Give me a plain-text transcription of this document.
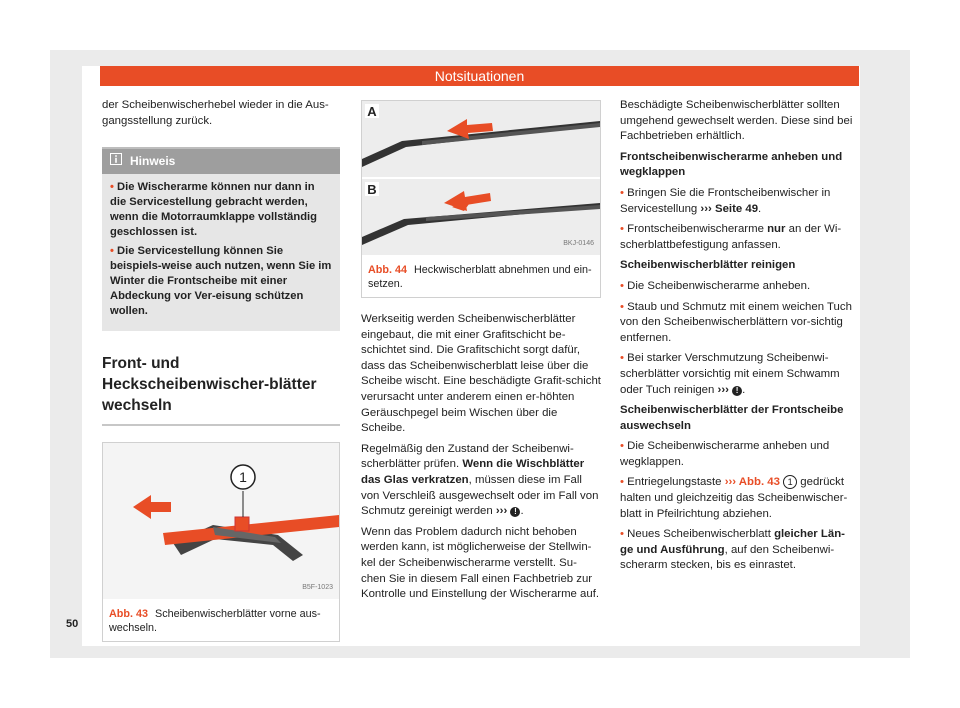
Notsituationen

der Scheibenwischerhebel wieder in die Aus-gangsstellung zurück.

Hinweis

• Die Wischerarme können nur dann in die Servicestellung gebracht werden, wenn die Motorraumklappe vollständig geschlossen ist.

• Die Servicestellung können Sie beispiels-weise auch nutzen, wenn Sie im Winter die Frontscheibe mit einer Abdeckung vor Ver-eisung schützen wollen.

Front- und Heckscheibenwischer-blätter wechseln
1
B5F-1023
Abb. 43 Scheibenwischerblätter vorne aus-wechseln.
A
B
BKJ-0146
Abb. 44 Heckwischerblatt abnehmen und ein-setzen.

Werkseitig werden Scheibenwischerblätter eingebaut, die mit einer Grafitschicht be-schichtet sind. Die Grafitschicht sorgt dafür, dass das Scheibenwischerblatt leise über die Scheibe wischt. Eine beschädigte Grafit-schicht verursacht unter anderem einen er-höhten Geräuschpegel beim Wischen über die Scheibe.

Regelmäßig den Zustand der Scheibenwi-scherblätter prüfen. Wenn die Wischblätter das Glas verkratzen, müssen diese im Fall von Verschleiß ausgewechselt oder im Fall von Schmutz gereinigt werden ››› ! .

Wenn das Problem dadurch nicht behoben werden kann, ist möglicherweise der Stellwin-kel der Scheibenwischerarme verstellt. Su-chen Sie in diesem Fall einen Fachbetrieb zur Kontrolle und Einstellung der Wischerarme auf.

Beschädigte Scheibenwischerblätter sollten umgehend gewechselt werden. Diese sind bei Fachbetrieben erhältlich.

Frontscheibenwischerarme anheben und wegklappen

• Bringen Sie die Frontscheibenwischer in Servicestellung ››› Seite 49.

• Frontscheibenwischerarme nur an der Wi-scherblattbefestigung anfassen.

Scheibenwischerblätter reinigen

• Die Scheibenwischerarme anheben.

• Staub und Schmutz mit einem weichen Tuch von den Scheibenwischerblättern vor-sichtig entfernen.

• Bei starker Verschmutzung Scheibenwi-scherblätter vorsichtig mit einem Schwamm oder Tuch reinigen ››› ! .

Scheibenwischerblätter der Frontscheibe auswechseln

• Die Scheibenwischerarme anheben und wegklappen.

• Entriegelungstaste ››› Abb. 43 1 gedrückt halten und gleichzeitig das Scheibenwischer-blatt in Pfeilrichtung abziehen.

• Neues Scheibenwischerblatt gleicher Län-ge und Ausführung, auf den Scheibenwi-scherarm stecken, bis es einrastet.

50
